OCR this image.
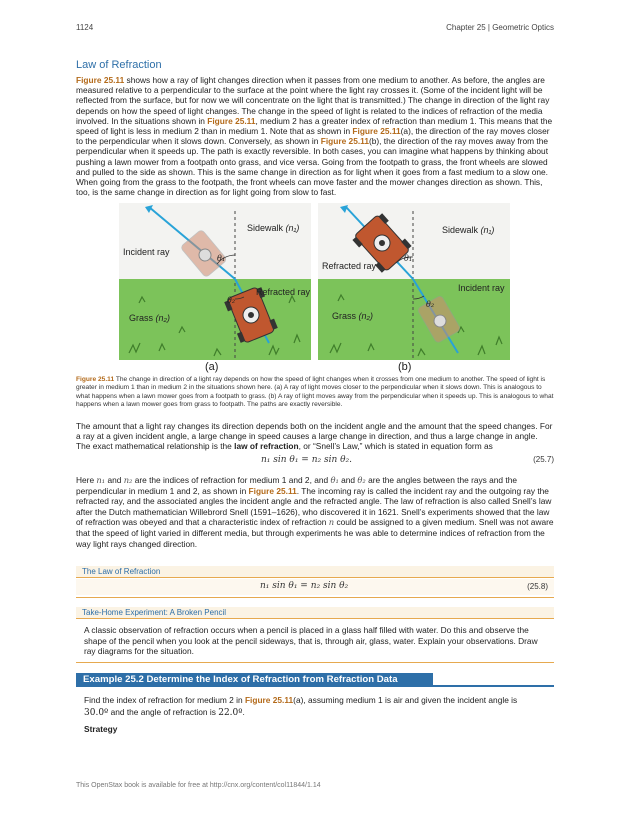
1124	Chapter 25 | Geometric Optics
Law of Refraction
Figure 25.11 shows how a ray of light changes direction when it passes from one medium to another. As before, the angles are measured relative to a perpendicular to the surface at the point where the light ray crosses it. (Some of the incident light will be reflected from the surface, but for now we will concentrate on the light that is transmitted.) The change in direction of the light ray depends on how the speed of light changes. The change in the speed of light is related to the indices of refraction of the media involved. In the situations shown in Figure 25.11, medium 2 has a greater index of refraction than medium 1. This means that the speed of light is less in medium 2 than in medium 1. Note that as shown in Figure 25.11(a), the direction of the ray moves closer to the perpendicular when it slows down. Conversely, as shown in Figure 25.11(b), the direction of the ray moves away from the perpendicular when it speeds up. The path is exactly reversible. In both cases, you can imagine what happens by thinking about pushing a lawn mower from a footpath onto grass, and vice versa. Going from the footpath to grass, the front wheels are slowed and pulled to the side as shown. This is the same change in direction as for light when it goes from a fast medium to a slow one. When going from the grass to the footpath, the front wheels can move faster and the mower changes direction as shown. This, too, is the same change in direction as for light going from slow to fast.
Sidewalk (n₁)
Incident ray
Refracted ray
Grass (n₂)
θ₁
θ₂
Sidewalk (n₁)
Refracted ray
Incident ray
Grass (n₂)
θ₁
θ₂
(a)	(b)
Figure 25.11 The change in direction of a light ray depends on how the speed of light changes when it crosses from one medium to another. The speed of light is greater in medium 1 than in medium 2 in the situations shown here. (a) A ray of light moves closer to the perpendicular when it slows down. This is analogous to what happens when a lawn mower goes from a footpath to grass. (b) A ray of light moves away from the perpendicular when it speeds up. This is analogous to what happens when a lawn mower goes from grass to footpath. The paths are exactly reversible.
The amount that a light ray changes its direction depends both on the incident angle and the amount that the speed changes. For a ray at a given incident angle, a large change in speed causes a large change in direction, and thus a large change in angle. The exact mathematical relationship is the law of refraction, or “Snell’s Law,” which is stated in equation form as
n₁ sin θ₁ = n₂ sin θ₂.	(25.7)
Here n₁ and n₂ are the indices of refraction for medium 1 and 2, and θ₁ and θ₂ are the angles between the rays and the perpendicular in medium 1 and 2, as shown in Figure 25.11. The incoming ray is called the incident ray and the outgoing ray the refracted ray, and the associated angles the incident angle and the refracted angle. The law of refraction is also called Snell’s law after the Dutch mathematician Willebrord Snell (1591–1626), who discovered it in 1621. Snell’s experiments showed that the law of refraction was obeyed and that a characteristic index of refraction n could be assigned to a given medium. Snell was not aware that the speed of light varied in different media, but through experiments he was able to determine indices of refraction from the way light rays changed direction.
The Law of Refraction
n₁ sin θ₁ = n₂ sin θ₂	(25.8)
Take-Home Experiment: A Broken Pencil
A classic observation of refraction occurs when a pencil is placed in a glass half filled with water. Do this and observe the shape of the pencil when you look at the pencil sideways, that is, through air, glass, water. Explain your observations. Draw ray diagrams for the situation.
Example 25.2 Determine the Index of Refraction from Refraction Data
Find the index of refraction for medium 2 in Figure 25.11(a), assuming medium 1 is air and given the incident angle is
30.0º and the angle of refraction is 22.0º.
Strategy
This OpenStax book is available for free at http://cnx.org/content/col11844/1.14
